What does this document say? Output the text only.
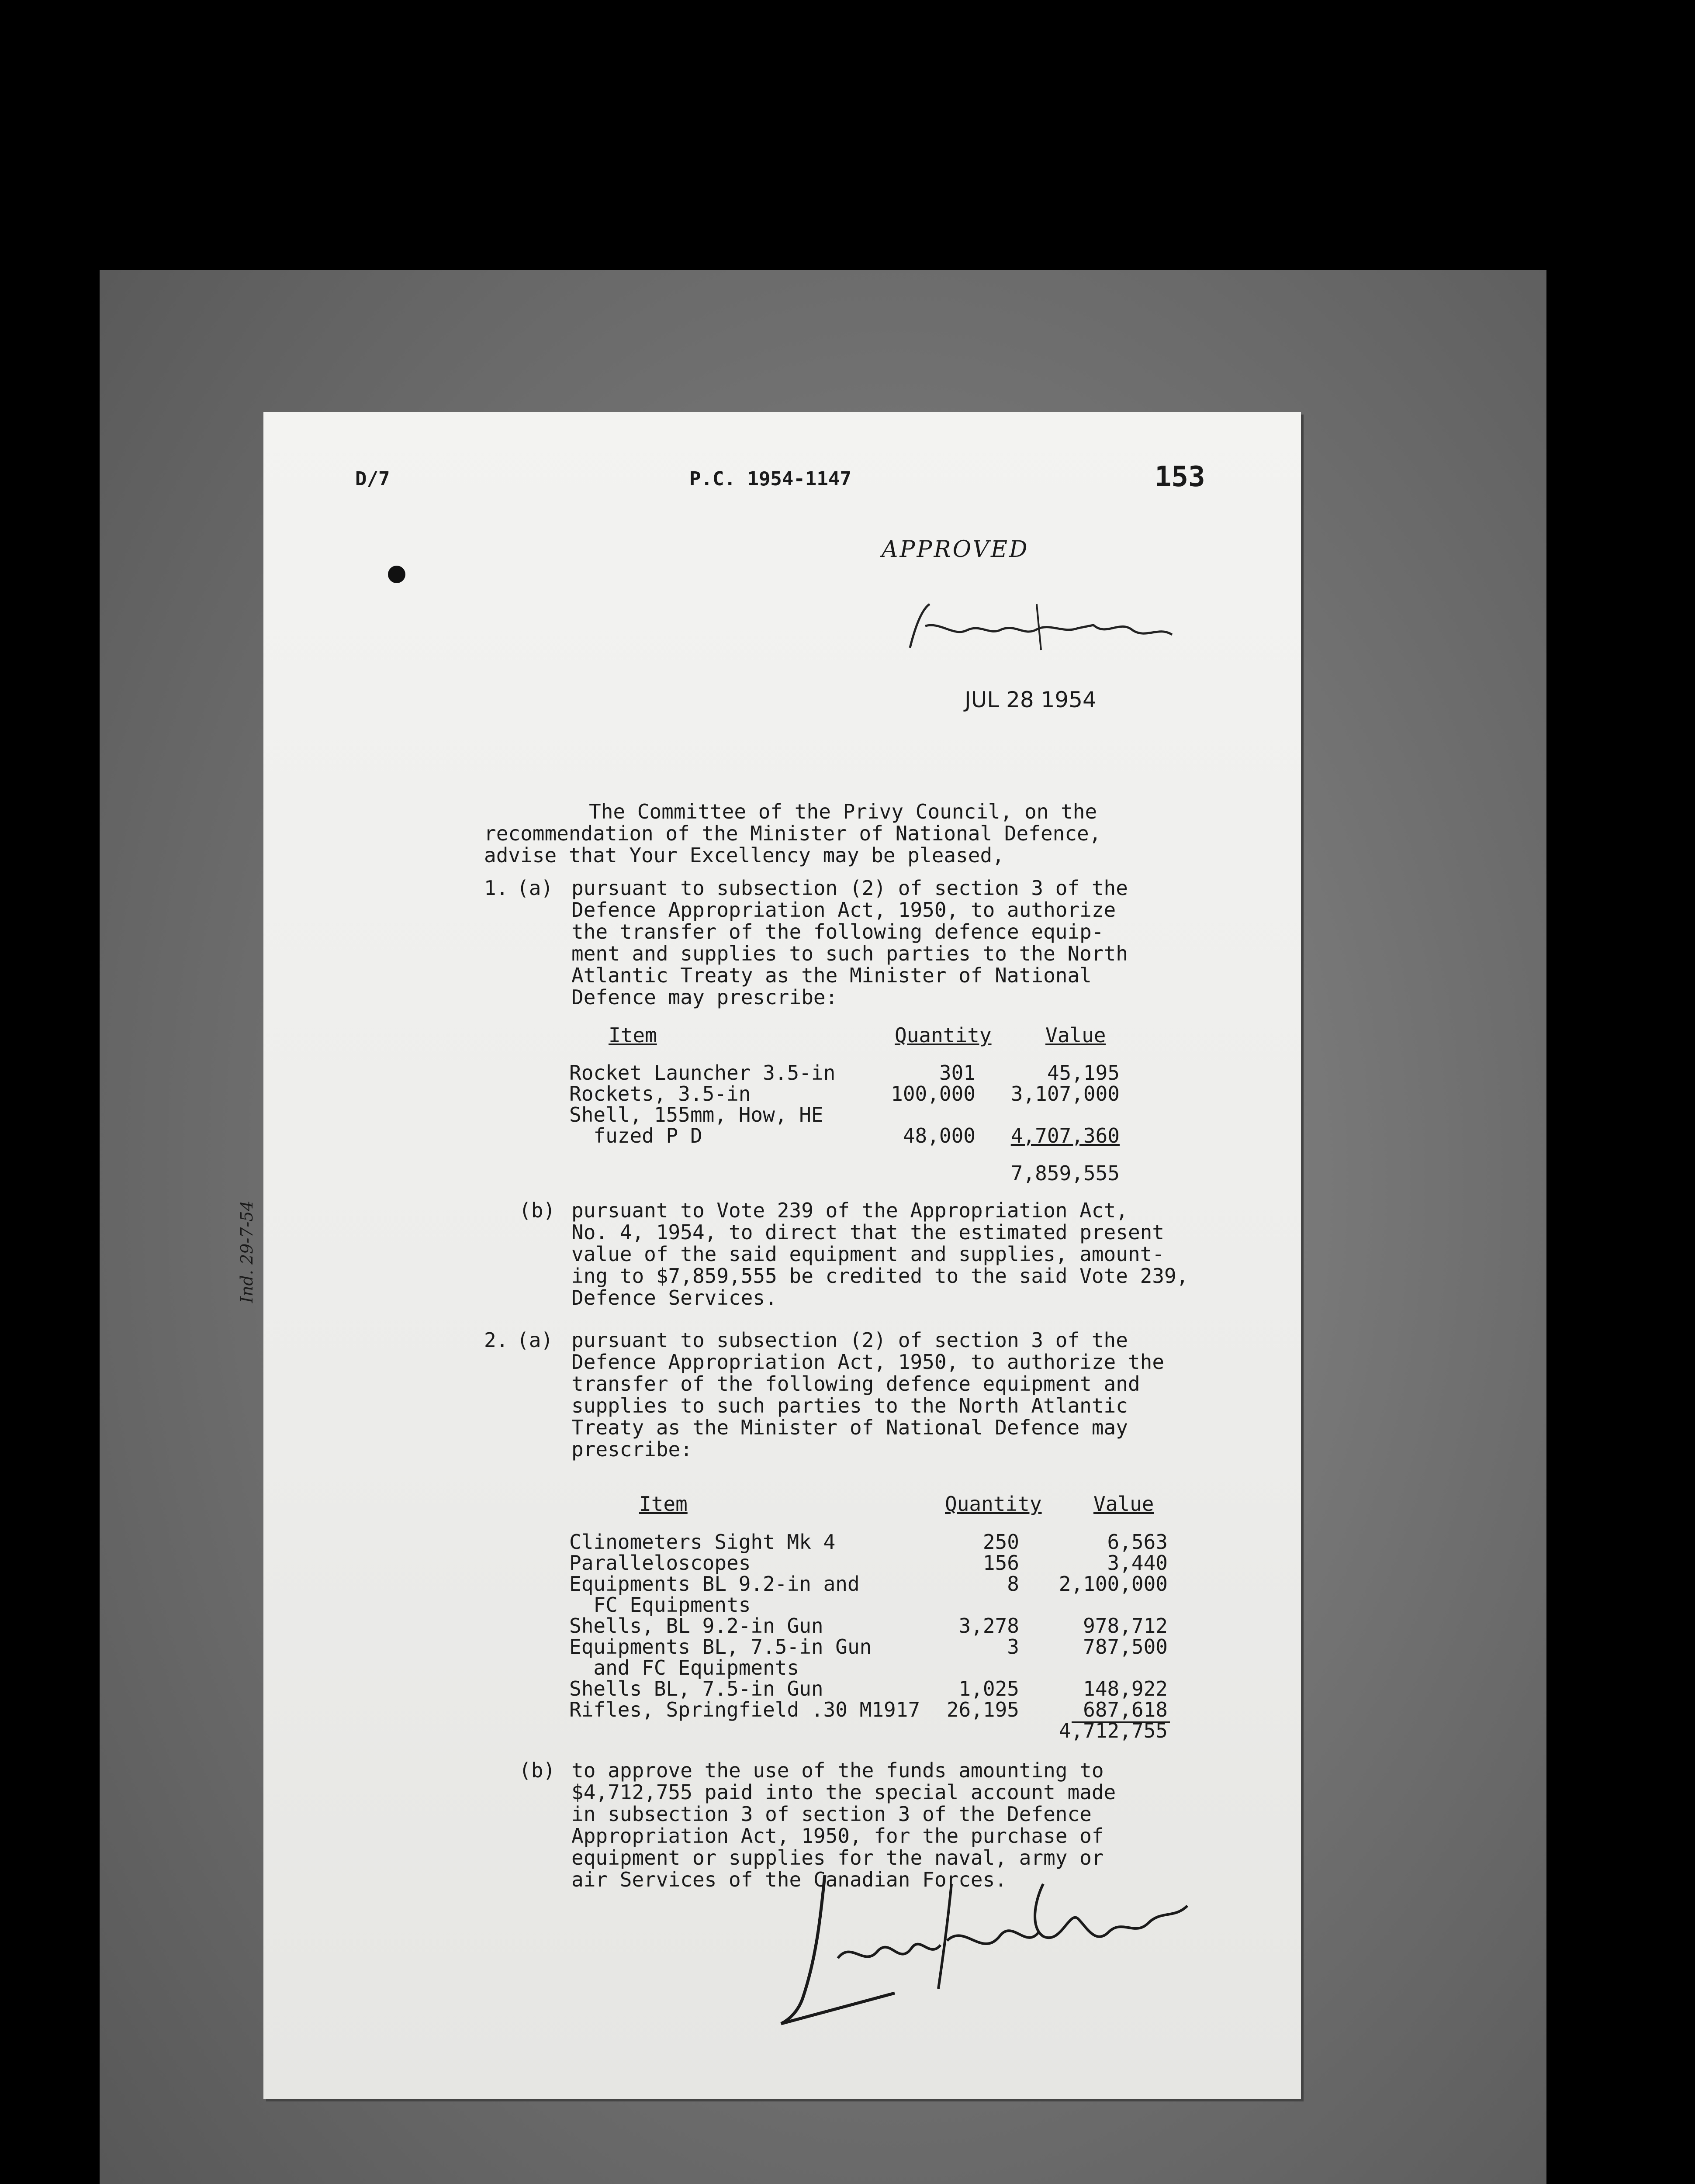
D/7	P.C. 1954-1147	153
APPROVED
JUL 28 1954
Ind. 29-7-54
The Committee of the Privy Council, on the
recommendation of the Minister of National Defence,
advise that Your Excellency may be pleased,
1. (a) pursuant to subsection (2) of section 3 of the
Defence Appropriation Act, 1950, to authorize
the transfer of the following defence equip-
ment and supplies to such parties to the North
Atlantic Treaty as the Minister of National
Defence may prescribe:
Item	Quantity	Value
Rocket Launcher 3.5-in	301	45,195
Rockets, 3.5-in	100,000 3,107,000
Shell, 155mm, How, HE
fuzed P D	48,000 4,707,360
7,859,555
(b) pursuant to Vote 239 of the Appropriation Act,
No. 4, 1954, to direct that the estimated present
value of the said equipment and supplies, amount-
ing to $7,859,555 be credited to the said Vote 239,
Defence Services.
2. (a) pursuant to subsection (2) of section 3 of the
Defence Appropriation Act, 1950, to authorize the
transfer of the following defence equipment and
supplies to such parties to the North Atlantic
Treaty as the Minister of National Defence may
prescribe:
Item	Quantity	Value
Clinometers Sight Mk 4	250	6,563
Paralleloscopes	156	3,440
Equipments BL 9.2-in and	8	2,100,000
FC Equipments
Shells, BL 9.2-in Gun	3,278	978,712
Equipments BL, 7.5-in Gun	3	787,500
and FC Equipments
Shells BL, 7.5-in Gun	1,025	148,922
Rifles, Springfield .30 M1917	26,195	687,618
4,712,755
(b) to approve the use of the funds amounting to
$4,712,755 paid into the special account made
in subsection 3 of section 3 of the Defence
Appropriation Act, 1950, for the purchase of
equipment or supplies for the naval, army or
air Services of the Canadian Forces.
